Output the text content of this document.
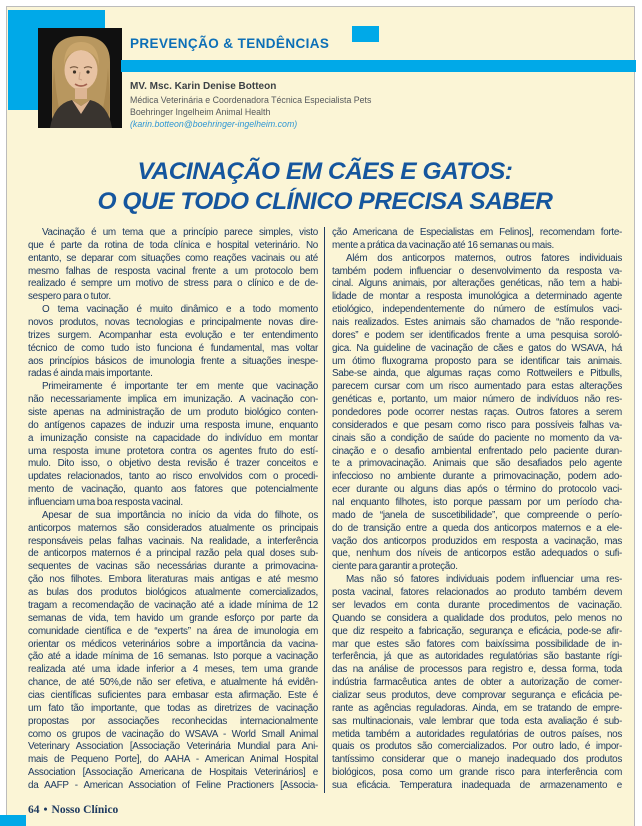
PREVENÇÃO & TENDÊNCIAS
MV. Msc. Karin Denise Botteon
Médica Veterinária e Coordenadora Técnica Especialista Pets
Boehringer Ingelheim Animal Health
(karin.botteon@boehringer-ingelheim.com)
VACINAÇÃO EM CÃES E GATOS:
O QUE TODO CLÍNICO PRECISA SABER
Vacinação é um tema que a princípio parece simples, visto
que é parte da rotina de toda clínica e hospital veterinário. No
entanto, se deparar com situações como reações vacinais ou até
mesmo falhas de resposta vacinal frente a um protocolo bem
realizado é sempre um motivo de stress para o clínico e de de-
sespero para o tutor.
O tema vacinação é muito dinâmico e a todo momento
novos produtos, novas tecnologias e principalmente novas dire-
trizes surgem. Acompanhar esta evolução e ter entendimento
técnico de como tudo isto funciona é fundamental, mas voltar
aos princípios básicos de imunologia frente a situações inespe-
radas é ainda mais importante.
Primeiramente é importante ter em mente que vacinação
não necessariamente implica em imunização. A vacinação con-
siste apenas na administração de um produto biológico conten-
do antígenos capazes de induzir uma resposta imune, enquanto
a imunização consiste na capacidade do indivíduo em montar
uma resposta imune protetora contra os agentes fruto do estí-
mulo. Dito isso, o objetivo desta revisão é trazer conceitos e
updates relacionados, tanto ao risco envolvidos com o procedi-
mento de vacinação, quanto aos fatores que potencialmente
influenciam uma boa resposta vacinal.
Apesar de sua importância no início da vida do filhote, os
anticorpos maternos são considerados atualmente os principais
responsáveis pelas falhas vacinais. Na realidade, a interferência
de anticorpos maternos é a principal razão pela qual doses sub-
sequentes de vacinas são necessárias durante a primovacina-
ção nos filhotes. Embora literaturas mais antigas e até mesmo
as bulas dos produtos biológicos atualmente comercializados,
tragam a recomendação de vacinação até a idade mínima de 12
semanas de vida, tem havido um grande esforço por parte da
comunidade científica e de “experts” na área de imunologia em
orientar os médicos veterinários sobre a importância da vacina-
ção até a idade mínima de 16 semanas. Isto porque a vacinação
realizada até uma idade inferior a 4 meses, tem uma grande
chance, de até 50%,de não ser efetiva, e atualmente há evidên-
cias científicas suficientes para embasar esta afirmação. Este é
um fato tão importante, que todas as diretrizes de vacinação
propostas por associações reconhecidas internacionalmente
como os grupos de vacinação do WSAVA - World Small Animal
Veterinary Association [Associação Veterinária Mundial para Ani-
mais de Pequeno Porte], do AAHA - American Animal Hospital
Association [Associação Americana de Hospitais Veterinários] e
da AAFP - American Association of Feline Practioners [Associa-
ção Americana de Especialistas em Felinos], recomendam forte-
mente a prática da vacinação até 16 semanas ou mais.
Além dos anticorpos maternos, outros fatores individuais
também podem influenciar o desenvolvimento da resposta va-
cinal. Alguns animais, por alterações genéticas, não tem a habi-
lidade de montar a resposta imunológica a determinado agente
etiológico, independentemente do número de estímulos vaci-
nais realizados. Estes animais são chamados de “não responde-
dores” e podem ser identificados frente a uma pesquisa soroló-
gica. Na guideline de vacinação de cães e gatos do WSAVA, há
um ótimo fluxograma proposto para se identificar tais animais.
Sabe-se ainda, que algumas raças como Rottweilers e Pitbulls,
parecem cursar com um risco aumentado para estas alterações
genéticas e, portanto, um maior número de indivíduos não res-
pondedores pode ocorrer nestas raças. Outros fatores a serem
considerados e que pesam como risco para possíveis falhas va-
cinais são a condição de saúde do paciente no momento da va-
cinação e o desafio ambiental enfrentado pelo paciente duran-
te a primovacinação. Animais que são desafiados pelo agente
infeccioso no ambiente durante a primovacinação, podem ado-
ecer durante ou alguns dias após o término do protocolo vaci-
nal enquanto filhotes, isto porque passam por um período cha-
mado de “janela de suscetibilidade”, que compreende o perío-
do de transição entre a queda dos anticorpos maternos e a ele-
vação dos anticorpos produzidos em resposta a vacinação, mas
que, nenhum dos níveis de anticorpos estão adequados o sufi-
ciente para garantir a proteção.
Mas não só fatores individuais podem influenciar uma res-
posta vacinal, fatores relacionados ao produto também devem
ser levados em conta durante procedimentos de vacinação.
Quando se considera a qualidade dos produtos, pelo menos no
que diz respeito a fabricação, segurança e eficácia, pode-se afir-
mar que estes são fatores com baixíssima possibilidade de in-
terferência, já que as autoridades regulatórias são bastante rígi-
das na análise de processos para registro e, dessa forma, toda
indústria farmacêutica antes de obter a autorização de comer-
cializar seus produtos, deve comprovar segurança e eficácia pe-
rante as agências reguladoras. Ainda, em se tratando de empre-
sas multinacionais, vale lembrar que toda esta avaliação é sub-
metida também a autoridades regulatórias de outros países, nos
quais os produtos são comercializados. Por outro lado, é impor-
tantíssimo considerar que o manejo inadequado dos produtos
biológicos, posa como um grande risco para interferência com
sua eficácia. Temperatura inadequada de armazenamento e
64 • Nosso Clínico
